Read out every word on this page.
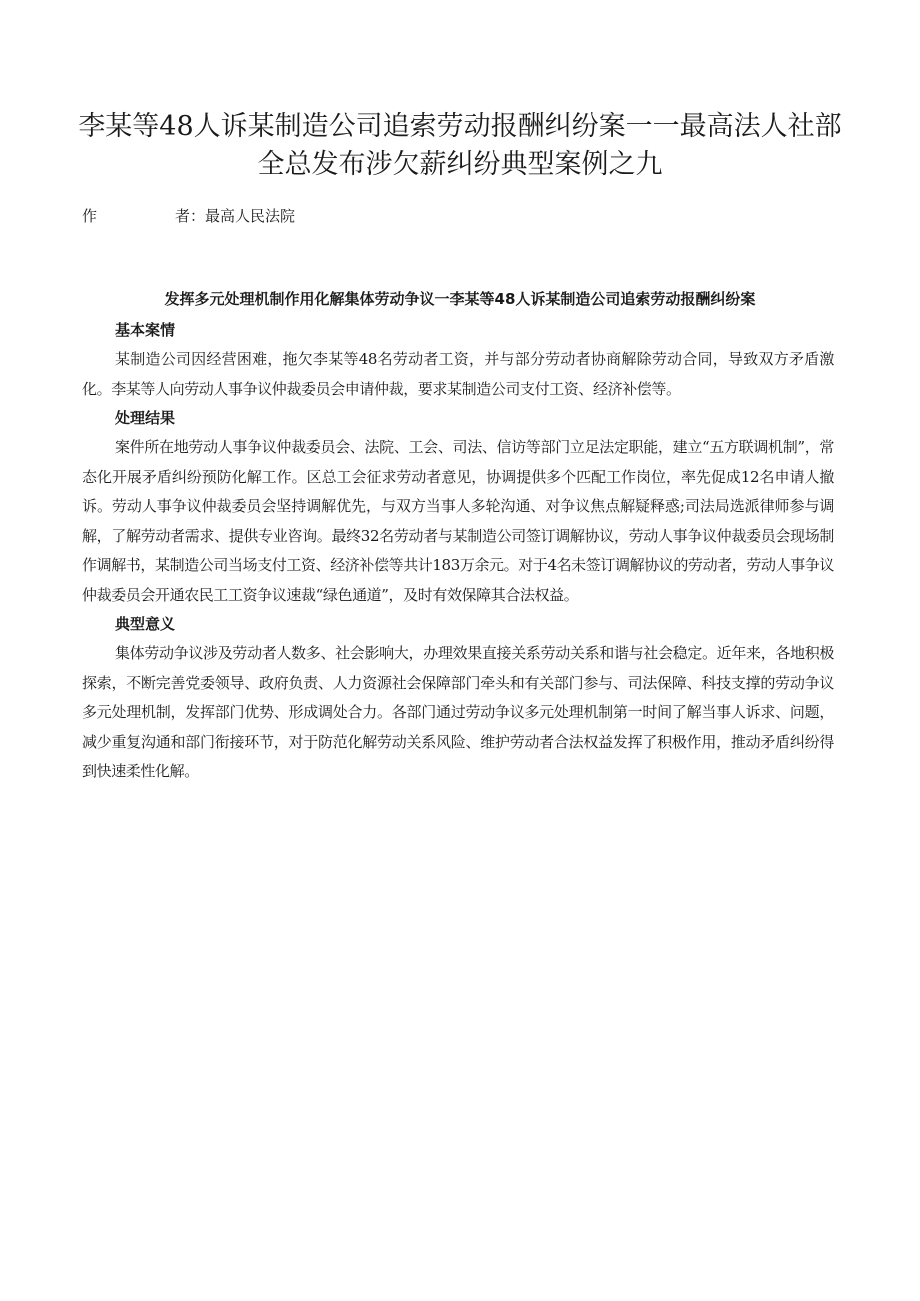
李某等48人诉某制造公司追索劳动报酬纠纷案一一最高法人社部
全总发布涉欠薪纠纷典型案例之九
作	者：最高人民法院
发挥多元处理机制作用化解集体劳动争议一李某等48人诉某制造公司追索劳动报酬纠纷案
基本案情

某制造公司因经营困难，拖欠李某等48名劳动者工资，并与部分劳动者协商解除劳动合同，导致双方矛盾激化。李某等人向劳动人事争议仲裁委员会申请仲裁，要求某制造公司支付工资、经济补偿等。

处理结果

案件所在地劳动人事争议仲裁委员会、法院、工会、司法、信访等部门立足法定职能，建立“五方联调机制”，常态化开展矛盾纠纷预防化解工作。区总工会征求劳动者意见，协调提供多个匹配工作岗位，率先促成12名申请人撤诉。劳动人事争议仲裁委员会坚持调解优先，与双方当事人多轮沟通、对争议焦点解疑释惑;司法局选派律师参与调解，了解劳动者需求、提供专业咨询。最终32名劳动者与某制造公司签订调解协议，劳动人事争议仲裁委员会现场制作调解书，某制造公司当场支付工资、经济补偿等共计183万余元。对于4名未签订调解协议的劳动者，劳动人事争议仲裁委员会开通农民工工资争议速裁“绿色通道”，及时有效保障其合法权益。

典型意义

集体劳动争议涉及劳动者人数多、社会影响大，办理效果直接关系劳动关系和谐与社会稳定。近年来，各地积极探索，不断完善党委领导、政府负责、人力资源社会保障部门牵头和有关部门参与、司法保障、科技支撑的劳动争议多元处理机制，发挥部门优势、形成调处合力。各部门通过劳动争议多元处理机制第一时间了解当事人诉求、问题，减少重复沟通和部门衔接环节，对于防范化解劳动关系风险、维护劳动者合法权益发挥了积极作用，推动矛盾纠纷得到快速柔性化解。
